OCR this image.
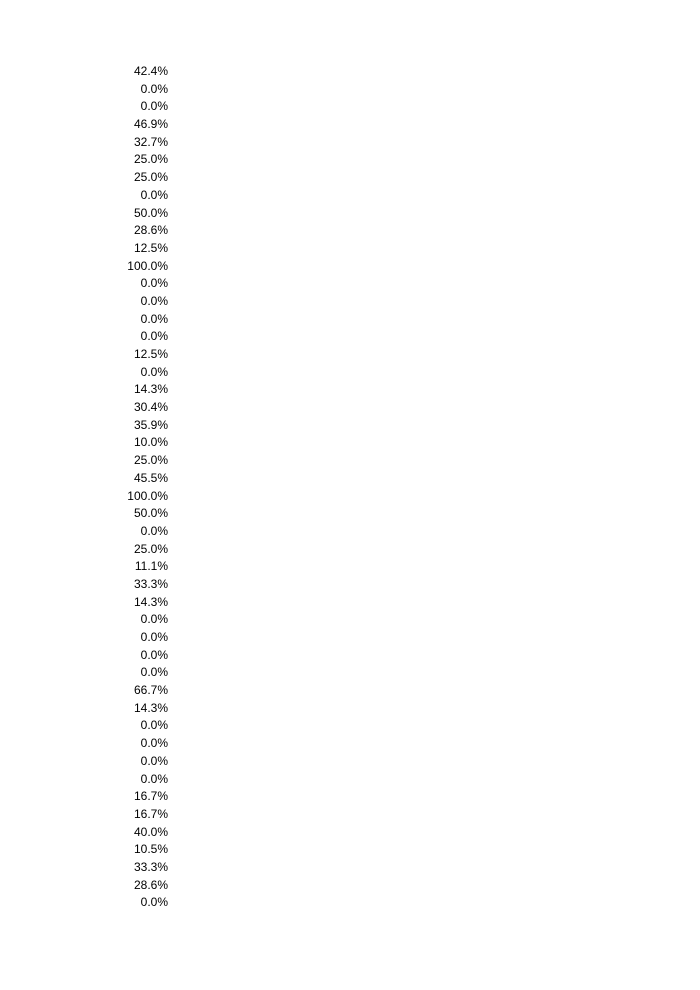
42.4%
0.0%
0.0%
46.9%
32.7%
25.0%
25.0%
0.0%
50.0%
28.6%
12.5%
100.0%
0.0%
0.0%
0.0%
0.0%
12.5%
0.0%
14.3%
30.4%
35.9%
10.0%
25.0%
45.5%
100.0%
50.0%
0.0%
25.0%
11.1%
33.3%
14.3%
0.0%
0.0%
0.0%
0.0%
66.7%
14.3%
0.0%
0.0%
0.0%
0.0%
16.7%
16.7%
40.0%
10.5%
33.3%
28.6%
0.0%
